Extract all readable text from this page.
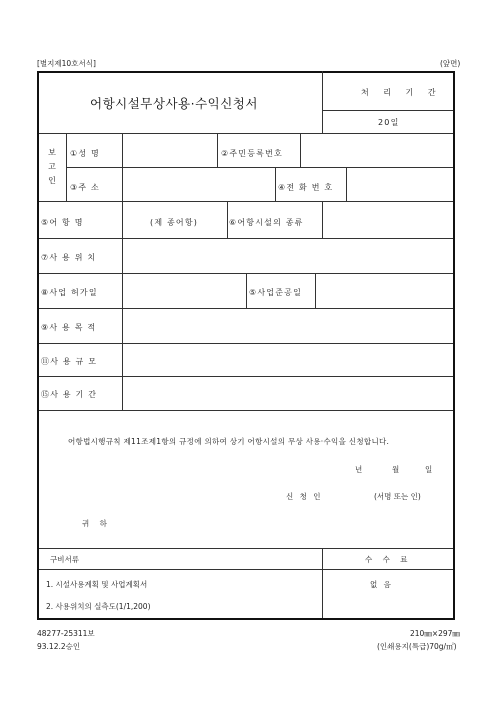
[별지제10호서식]	(앞면)
어항시설무상사용·수익신청서
처 리 기 간
20일
보
고
인
①성 명	②주민등록번호
③주 소	④전 화 번 호
⑤어 항 명	(제 종어항)	⑥어항시설의 종류
⑦사 용 위 치
⑧사업 허가일	⑤사업준공일
⑨사 용 목 적
⑪사 용 규 모
⑮사 용 기 간
어항법시행규칙 제11조제1항의 규정에 의하여 상기 어항시설의 무상 사용·수익을 신청합니다.
년	월	일
신 청 인	(서명 또는 인)
귀 하
구비서류	수 수 료
1. 시설사용계획 및 사업계획서
2. 사용위치의 실측도(1/1,200)
없 음
48277-25311보
93.12.2승인
210㎜×297㎜
(인쇄용지(특급)70g/㎡)
